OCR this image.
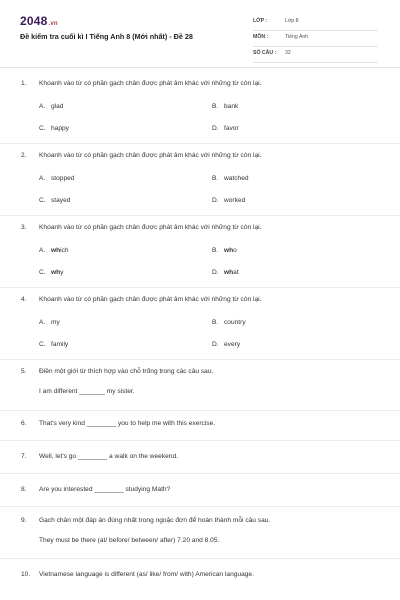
2048.vn
Đề kiểm tra cuối kì I Tiếng Anh 8 (Mới nhất) - Đề 28
LỚP :	Lớp 8
MÔN :	Tiếng Anh
SỐ CÂU : 32
1. Khoanh vào từ có phần gạch chân được phát âm khác với những từ còn lại.
A. glad	B. bank
C. happy	D. favor
2. Khoanh vào từ có phần gạch chân được phát âm khác với những từ còn lại.
A. stopped	B. watched
C. stayed	D. worked
3. Khoanh vào từ có phần gạch chân được phát âm khác với những từ còn lại.
A. which	B. who
C. why	D. what
4. Khoanh vào từ có phần gạch chân được phát âm khác với những từ còn lại.
A. my	B. country
C. family	D. every
5. Điền một giới từ thích hợp vào chỗ trống trong các câu sau.
I am different _______ my sister.
6. That's very kind ________ you to help me with this exercise.
7. Well, let's go ________ a walk on the weekend.
8. Are you interested ________ studying Math?
9. Gạch chân một đáp án đúng nhất trong ngoặc đơn để hoàn thành mỗi câu sau.
They must be there (at/ before/ between/ after) 7.20 and 8.05.
10. Vietnamese language is different (as/ like/ from/ with) American language.
